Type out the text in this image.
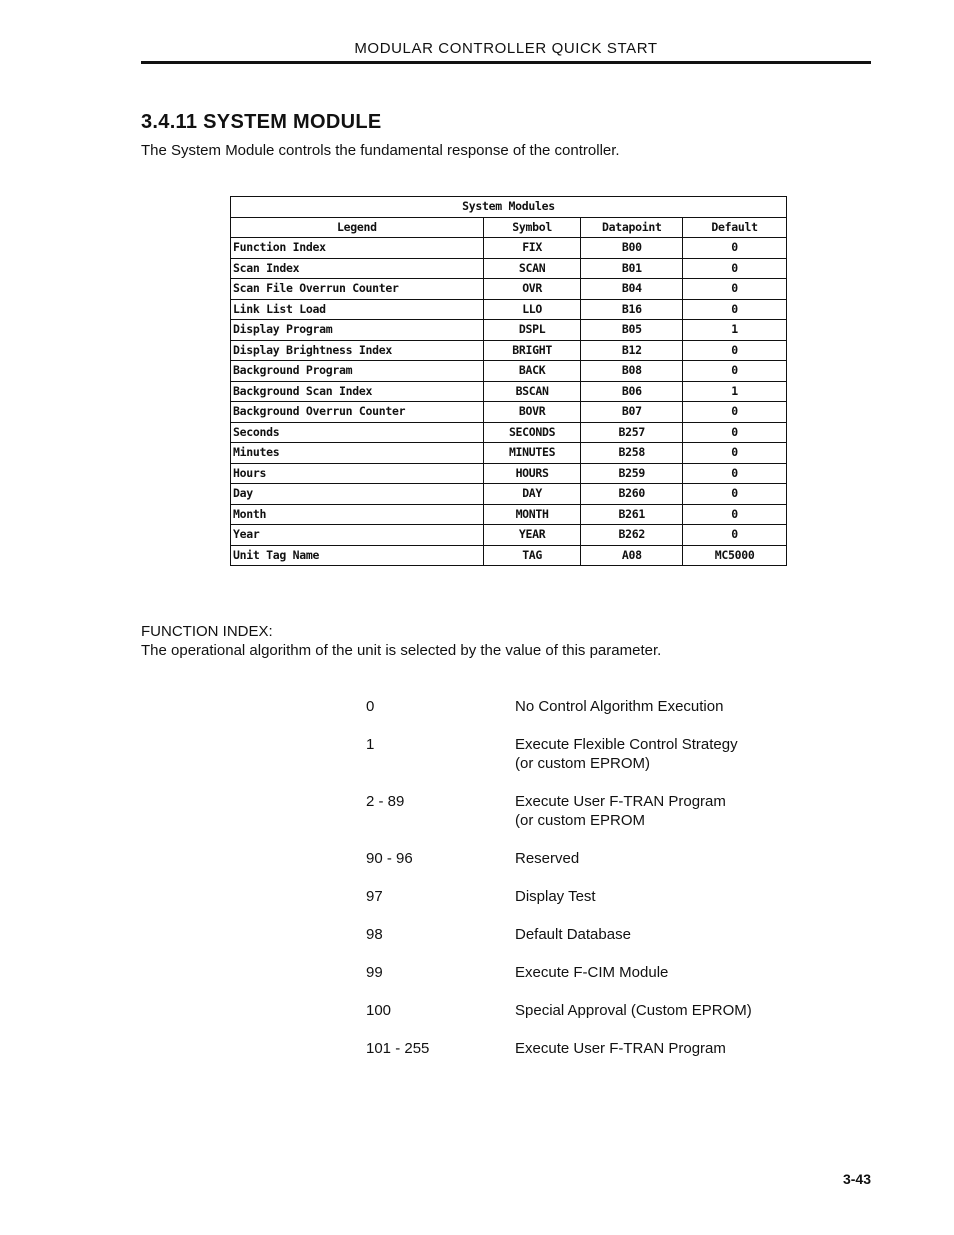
MODULAR CONTROLLER QUICK START
3.4.11 SYSTEM MODULE

The System Module controls the fundamental response of the controller.

System Modules			
Legend	Symbol	Datapoint	Default
Function Index	FIX	B00	0
Scan Index	SCAN	B01	0
Scan File Overrun Counter	OVR	B04	0
Link List Load	LLO	B16	0
Display Program	DSPL	B05	1
Display Brightness Index	BRIGHT	B12	0
Background Program	BACK	B08	0
Background Scan Index	BSCAN	B06	1
Background Overrun Counter	BOVR	B07	0
Seconds	SECONDS	B257	0
Minutes	MINUTES	B258	0
Hours	HOURS	B259	0
Day	DAY	B260	0
Month	MONTH	B261	0
Year	YEAR	B262	0
Unit Tag Name	TAG	A08	MC5000

FUNCTION INDEX:

The operational algorithm of the unit is selected by the value of this parameter.

0	No Control Algorithm Execution
1	Execute Flexible Control Strategy
(or custom EPROM)
2 - 89	Execute User F-TRAN Program
(or custom EPROM
90 - 96	Reserved
97	Display Test
98	Default Database
99	Execute F-CIM Module
100	Special Approval (Custom EPROM)
101 - 255	Execute User F-TRAN Program
3-43
